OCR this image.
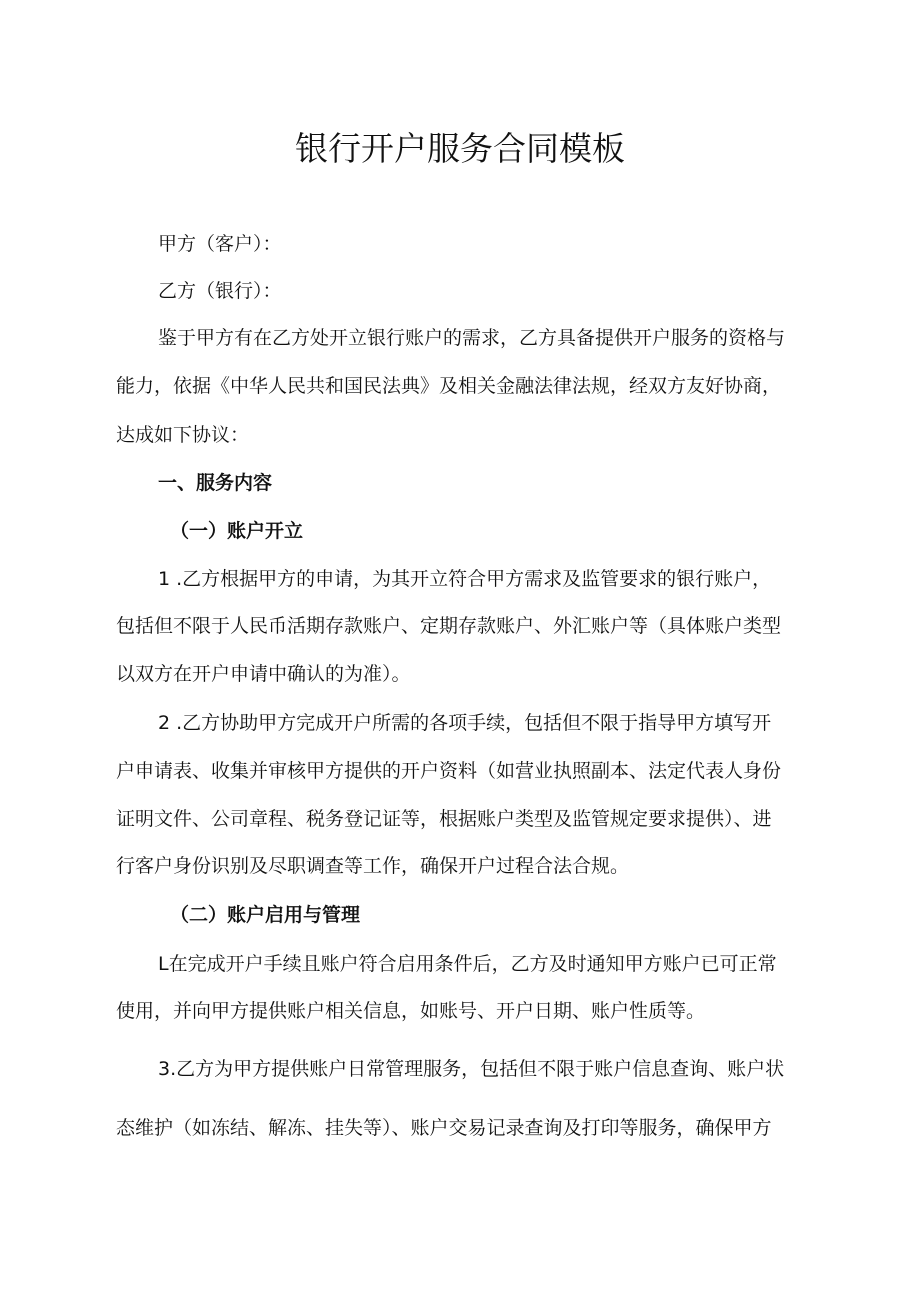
银行开户服务合同模板
甲方（客户）：
乙方（银行）：
鉴于甲方有在乙方处开立银行账户的需求，乙方具备提供开户服务的资格与
能力，依据《中华人民共和国民法典》及相关金融法律法规，经双方友好协商，
达成如下协议：
一、服务内容
（一）账户开立
1 .乙方根据甲方的申请，为其开立符合甲方需求及监管要求的银行账户，
包括但不限于人民币活期存款账户、定期存款账户、外汇账户等（具体账户类型
以双方在开户申请中确认的为准）。
2 .乙方协助甲方完成开户所需的各项手续，包括但不限于指导甲方填写开
户申请表、收集并审核甲方提供的开户资料（如营业执照副本、法定代表人身份
证明文件、公司章程、税务登记证等，根据账户类型及监管规定要求提供）、进
行客户身份识别及尽职调查等工作，确保开户过程合法合规。
（二）账户启用与管理
L在完成开户手续且账户符合启用条件后，乙方及时通知甲方账户已可正常
使用，并向甲方提供账户相关信息，如账号、开户日期、账户性质等。
3.乙方为甲方提供账户日常管理服务，包括但不限于账户信息查询、账户状
态维护（如冻结、解冻、挂失等）、账户交易记录查询及打印等服务，确保甲方
